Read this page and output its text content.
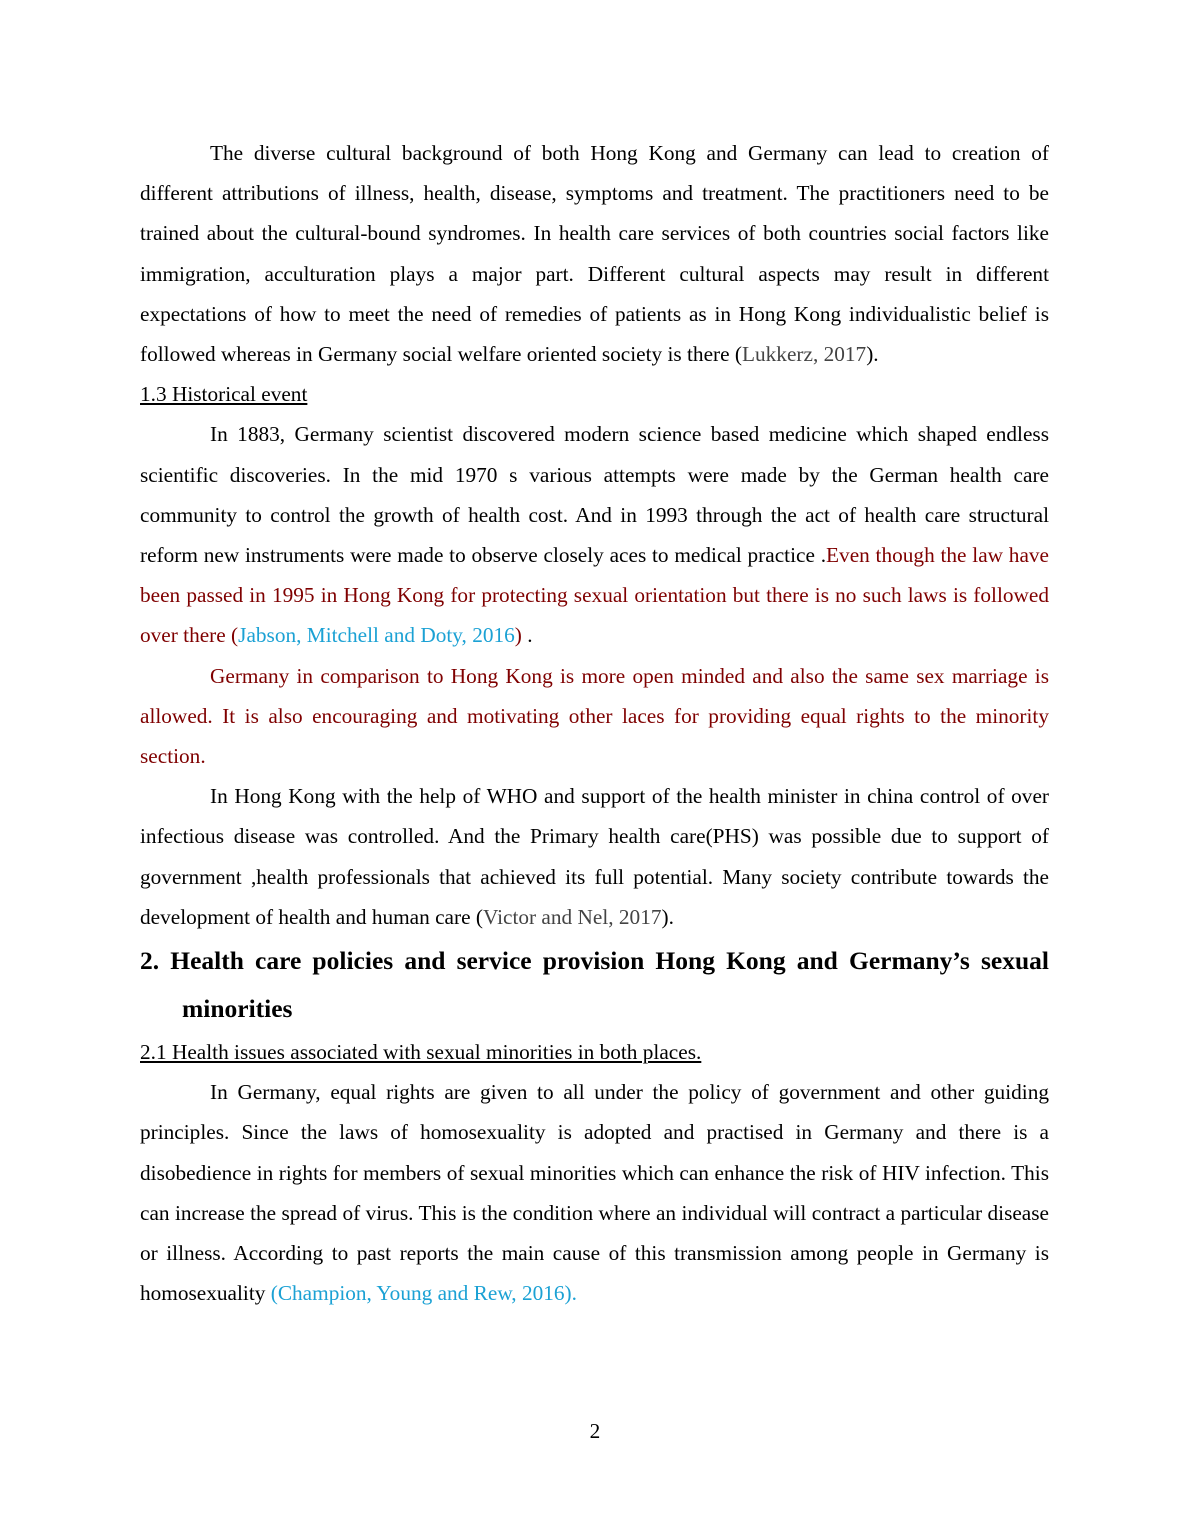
The diverse cultural background of both Hong Kong and Germany can lead to creation of different attributions of illness, health, disease, symptoms and treatment. The practitioners need to be trained about the cultural-bound syndromes. In health care services of both countries social factors like immigration, acculturation plays a major part. Different cultural aspects may result in different expectations of how to meet the need of remedies of patients as in Hong Kong individualistic belief is followed whereas in Germany social welfare oriented society is there (Lukkerz, 2017).

1.3 Historical event

In 1883, Germany scientist discovered modern science based medicine which shaped endless scientific discoveries. In the mid 1970 s various attempts were made by the German health care community to control the growth of health cost. And in 1993 through the act of health care structural reform new instruments were made to observe closely aces to medical practice .Even though the law have been passed in 1995 in Hong Kong for protecting sexual orientation but there is no such laws is followed over there (Jabson, Mitchell and Doty, 2016) .

Germany in comparison to Hong Kong is more open minded and also the same sex marriage is allowed. It is also encouraging and motivating other laces for providing equal rights to the minority section.

In Hong Kong with the help of WHO and support of the health minister in china control of over infectious disease was controlled. And the Primary health care(PHS) was possible due to support of government ,health professionals that achieved its full potential. Many society contribute towards the development of health and human care (Victor and Nel, 2017).

2. Health care policies and service provision Hong Kong and Germany’s sexual minorities

2.1 Health issues associated with sexual minorities in both places.

In Germany, equal rights are given to all under the policy of government and other guiding principles. Since the laws of homosexuality is adopted and practised in Germany and there is a disobedience in rights for members of sexual minorities which can enhance the risk of HIV infection. This can increase the spread of virus. This is the condition where an individual will contract a particular disease or illness. According to past reports the main cause of this transmission among people in Germany is homosexuality (Champion, Young and Rew, 2016).

2
